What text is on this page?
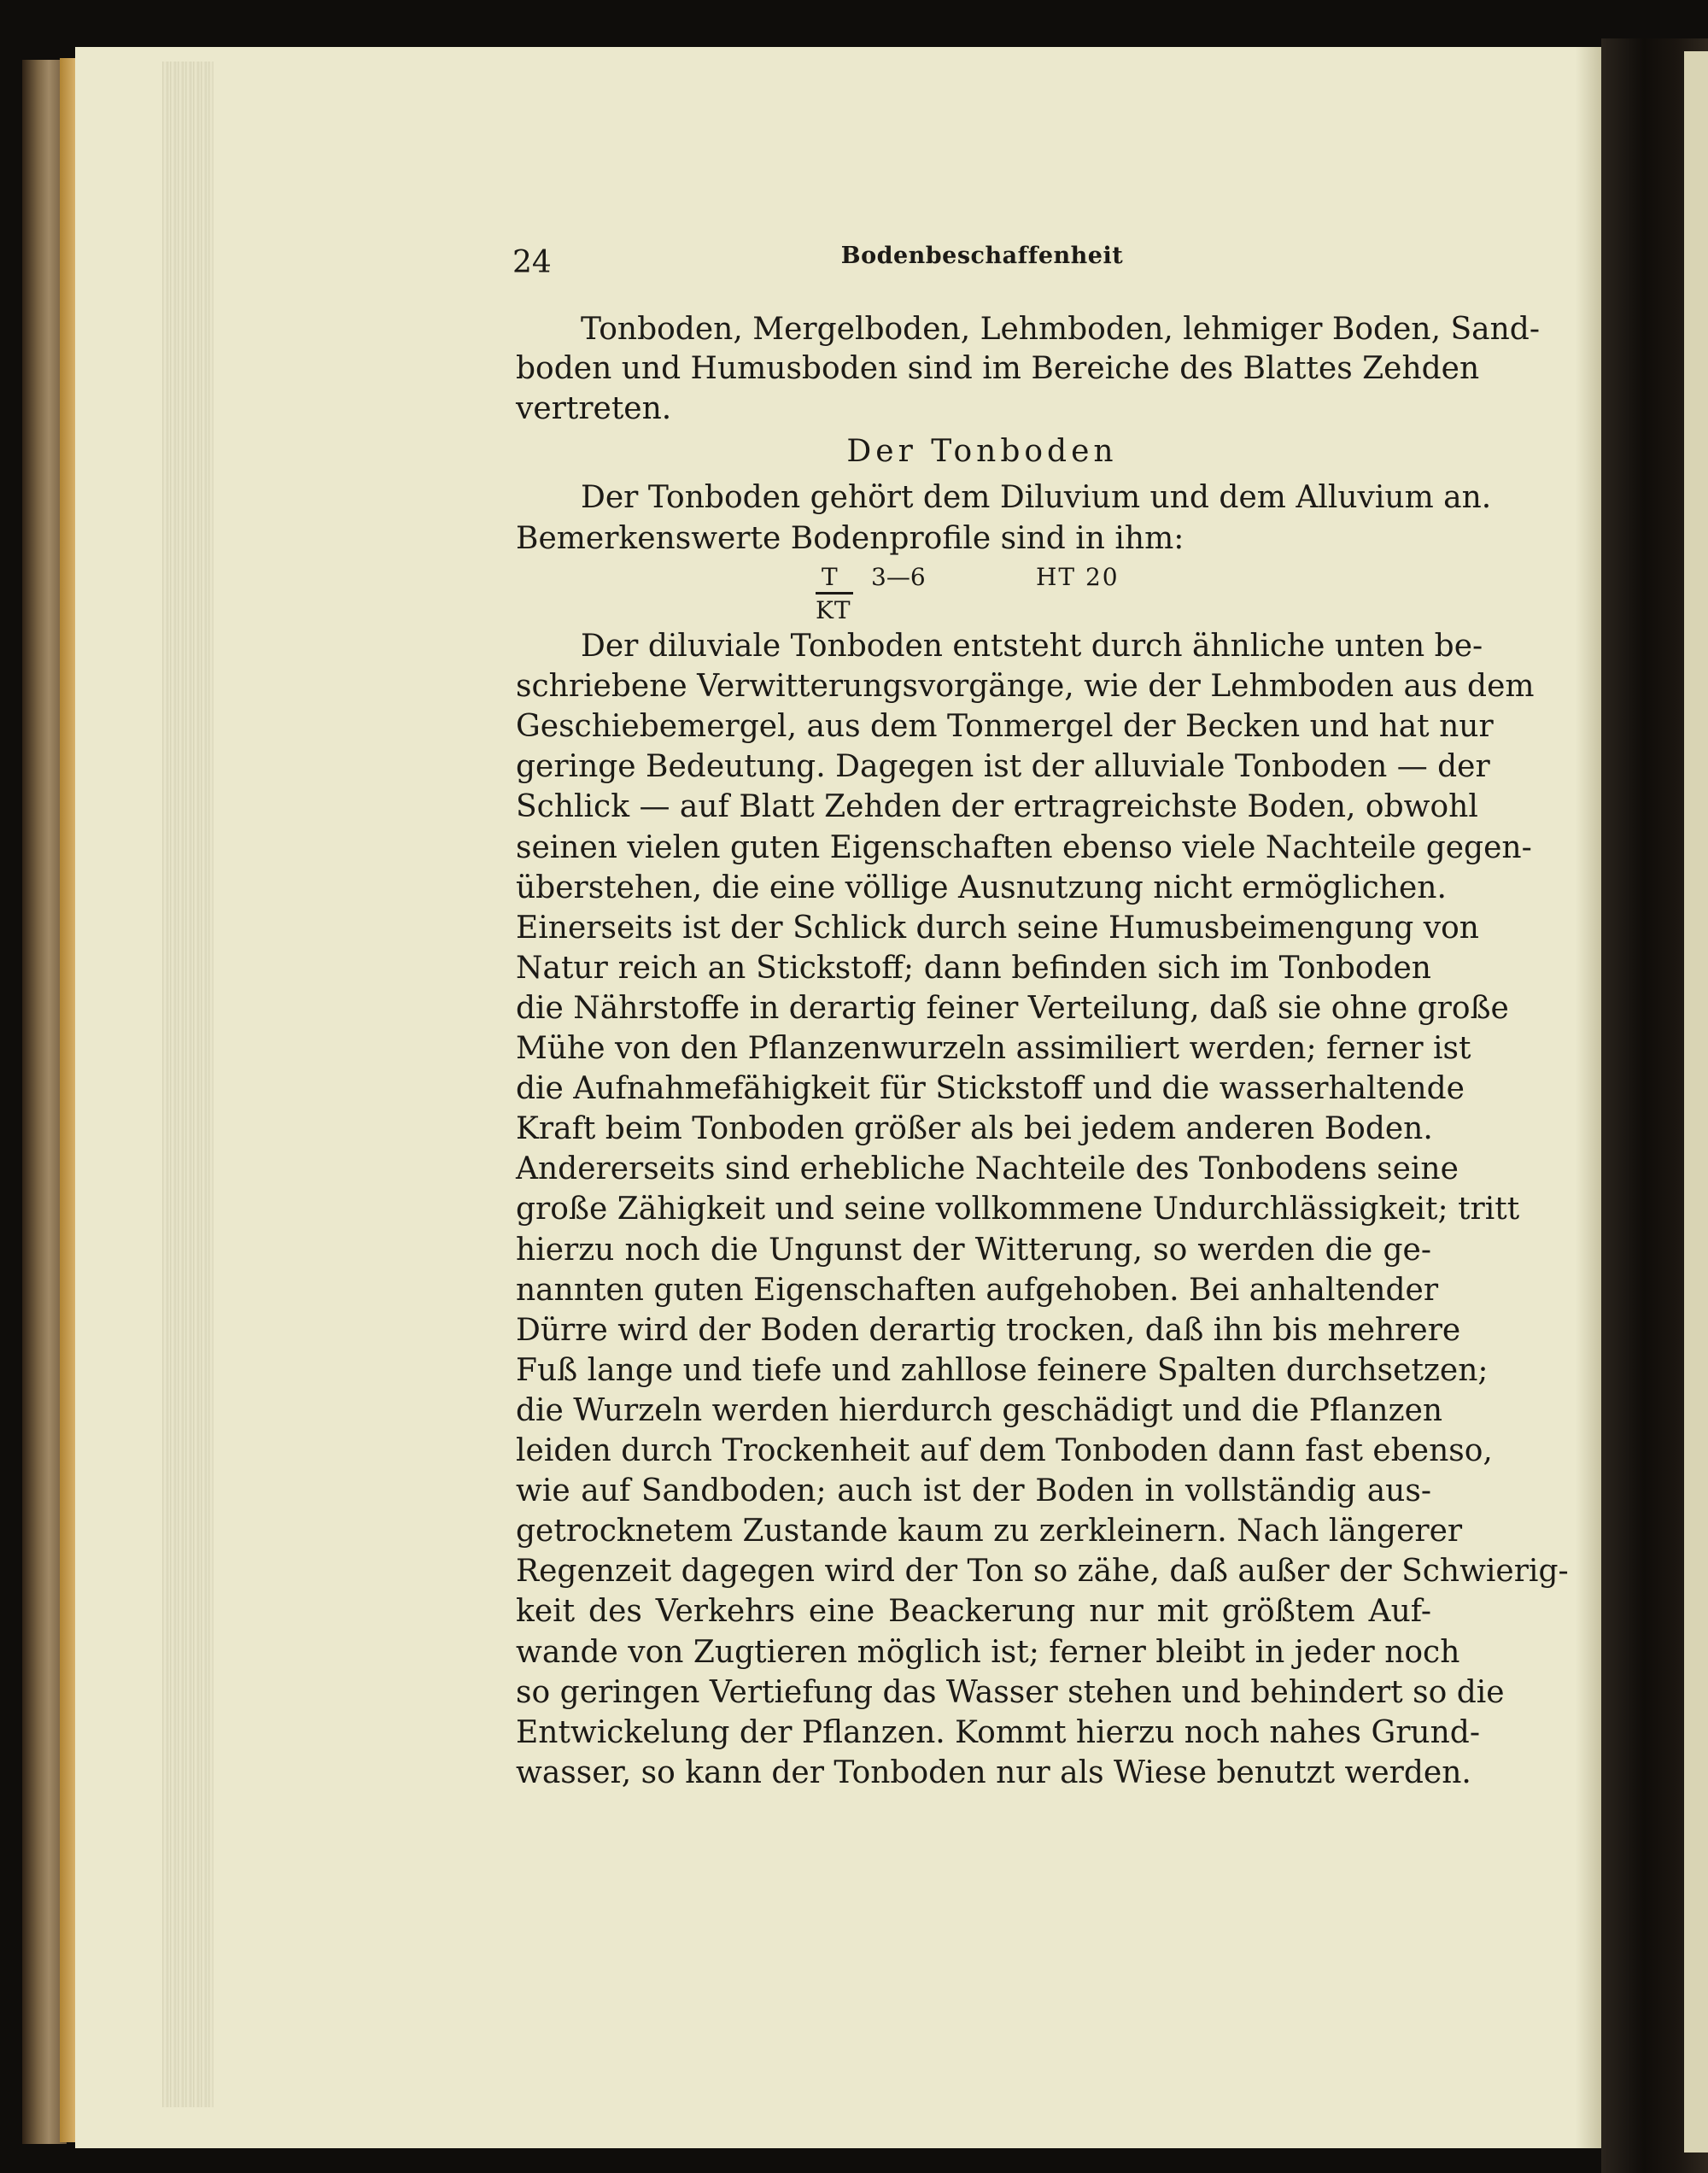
24	Bodenbeschaffenheit
Tonboden, Mergelboden, Lehmboden, lehmiger Boden, Sand-
boden und Humusboden sind im Bereiche des Blattes Zehden
vertreten.
Der Tonboden
Der Tonboden gehört dem Diluvium und dem Alluvium an.
Bemerkenswerte Bodenprofile sind in ihm:
T 3—6	HT 20
KT
Der diluviale Tonboden entsteht durch ähnliche unten be-
schriebene Verwitterungsvorgänge, wie der Lehmboden aus dem
Geschiebemergel, aus dem Tonmergel der Becken und hat nur
geringe Bedeutung. Dagegen ist der alluviale Tonboden — der
Schlick — auf Blatt Zehden der ertragreichste Boden, obwohl
seinen vielen guten Eigenschaften ebenso viele Nachteile gegen-
überstehen, die eine völlige Ausnutzung nicht ermöglichen.
Einerseits ist der Schlick durch seine Humusbeimengung von
Natur reich an Stickstoff; dann befinden sich im Tonboden
die Nährstoffe in derartig feiner Verteilung, daß sie ohne große
Mühe von den Pflanzenwurzeln assimiliert werden; ferner ist
die Aufnahmefähigkeit für Stickstoff und die wasserhaltende
Kraft beim Tonboden größer als bei jedem anderen Boden.
Andererseits sind erhebliche Nachteile des Tonbodens seine
große Zähigkeit und seine vollkommene Undurchlässigkeit; tritt
hierzu noch die Ungunst der Witterung, so werden die ge-
nannten guten Eigenschaften aufgehoben. Bei anhaltender
Dürre wird der Boden derartig trocken, daß ihn bis mehrere
Fuß lange und tiefe und zahllose feinere Spalten durchsetzen;
die Wurzeln werden hierdurch geschädigt und die Pflanzen
leiden durch Trockenheit auf dem Tonboden dann fast ebenso,
wie auf Sandboden; auch ist der Boden in vollständig aus-
getrocknetem Zustande kaum zu zerkleinern. Nach längerer
Regenzeit dagegen wird der Ton so zähe, daß außer der Schwierig-
keit des Verkehrs eine Beackerung nur mit größtem Auf-
wande von Zugtieren möglich ist; ferner bleibt in jeder noch
so geringen Vertiefung das Wasser stehen und behindert so die
Entwickelung der Pflanzen. Kommt hierzu noch nahes Grund-
wasser, so kann der Tonboden nur als Wiese benutzt werden.
